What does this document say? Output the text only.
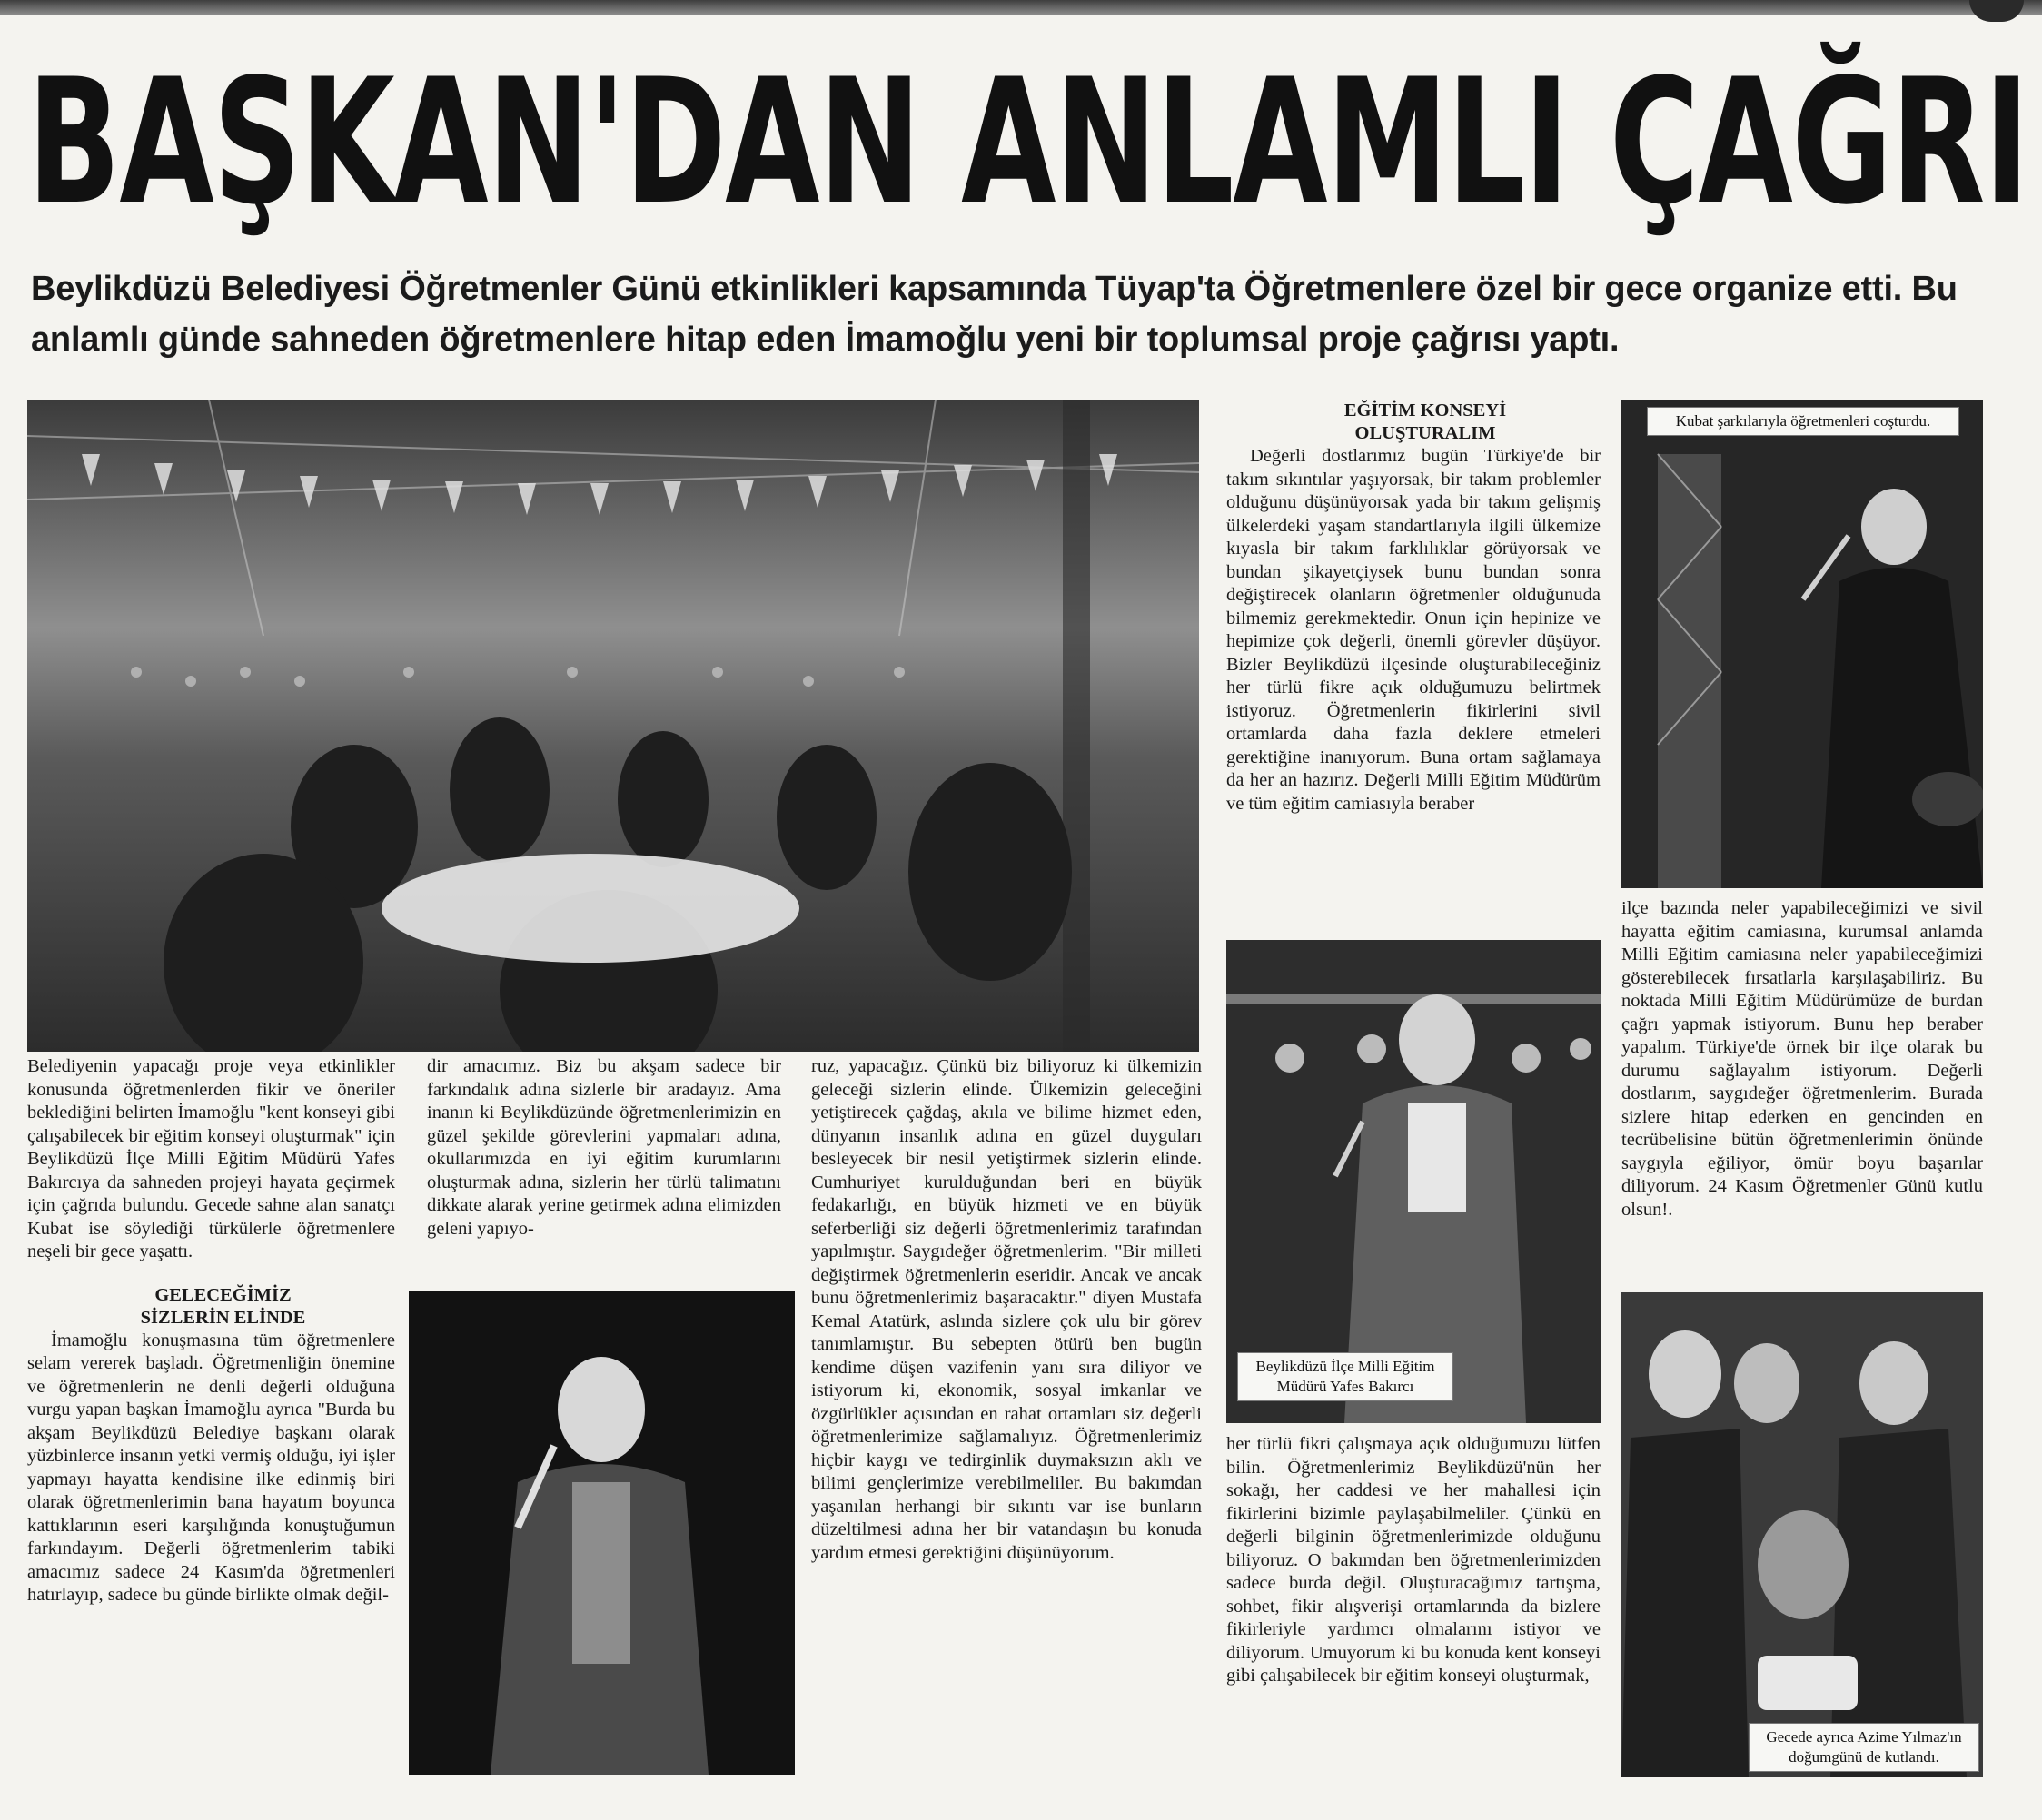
BAŞKAN'DAN ANLAMLI ÇAĞRI

Beylikdüzü Belediyesi Öğretmenler Günü etkinlikleri kapsamında Tüyap'ta Öğretmenlere özel bir gece organize etti. Bu anlamlı günde sahneden öğretmenlere hitap eden İmamoğlu yeni bir toplumsal proje çağrısı yaptı.

Kubat şarkılarıyla öğretmenleri coşturdu.
Beylikdüzü İlçe Milli Eğitim Müdürü Yafes Bakırcı
Gecede ayrıca Azime Yılmaz'ın doğumgünü de kutlandı.

Belediyenin yapacağı proje veya etkinlikler konusunda öğretmenlerden fikir ve öneriler beklediğini belirten İmamoğlu "kent konseyi gibi çalışabilecek bir eğitim konseyi oluşturmak" için Beylikdüzü İlçe Milli Eğitim Müdürü Yafes Bakırcıya da sahneden projeyi hayata geçirmek için çağrıda bulundu. Gecede sahne alan sanatçı Kubat ise söylediği türkülerle öğretmenlere neşeli bir gece yaşattı.

GELECEĞİMİZ

SİZLERİN ELİNDE

İmamoğlu konuşmasına tüm öğretmenlere selam vererek başladı. Öğretmenliğin önemine ve öğretmenlerin ne denli değerli olduğuna vurgu yapan başkan İmamoğlu ayrıca "Burda bu akşam Beylikdüzü Belediye başkanı olarak yüzbinlerce insanın yetki vermiş olduğu, iyi işler yapmayı hayatta kendisine ilke edinmiş biri olarak öğretmenlerimin bana hayatım boyunca kattıklarının eseri karşılığında konuştuğumun farkındayım. Değerli öğretmenlerim tabiki amacımız sadece 24 Kasım'da öğretmenleri hatırlayıp, sadece bu günde birlikte olmak değil-

dir amacımız. Biz bu akşam sadece bir farkındalık adına sizlerle bir aradayız. Ama inanın ki Beylikdüzünde öğretmenlerimizin en güzel şekilde görevlerini yapmaları adına, okullarımızda en iyi eğitim kurumlarını oluşturmak adına, sizlerin her türlü talimatını dikkate alarak yerine getirmek adına elimizden geleni yapıyo-

ruz, yapacağız. Çünkü biz biliyoruz ki ülkemizin geleceği sizlerin elinde. Ülkemizin geleceğini yetiştirecek çağdaş, akıla ve bilime hizmet eden, dünyanın insanlık adına en güzel duyguları besleyecek bir nesil yetiştirmek sizlerin elinde. Cumhuriyet kurulduğundan beri en büyük fedakarlığı, en büyük hizmeti ve en büyük seferberliği siz değerli öğretmenlerimiz tarafından yapılmıştır. Saygıdeğer öğretmenlerim. "Bir milleti değiştirmek öğretmenlerin eseridir. Ancak ve ancak bunu öğretmenlerimiz başaracaktır." diyen Mustafa Kemal Atatürk, aslında sizlere çok ulu bir görev tanımlamıştır. Bu sebepten ötürü ben bugün kendime düşen vazifenin yanı sıra diliyor ve istiyorum ki, ekonomik, sosyal imkanlar ve özgürlükler açısından en rahat ortamları siz değerli öğretmenlerimize sağlamalıyız. Öğretmenlerimiz hiçbir kaygı ve tedirginlik duymaksızın aklı ve bilimi gençlerimize verebilmeliler. Bu bakımdan yaşanılan herhangi bir sıkıntı var ise bunların düzeltilmesi adına her bir vatandaşın bu konuda yardım etmesi gerektiğini düşünüyorum.

EĞİTİM KONSEYİ

OLUŞTURALIM

Değerli dostlarımız bugün Türkiye'de bir takım sıkıntılar yaşıyorsak, bir takım problemler olduğunu düşünüyorsak yada bir takım gelişmiş ülkelerdeki yaşam standartlarıyla ilgili ülkemize kıyasla bir takım farklılıklar görüyorsak ve bundan şikayetçiysek bunu bundan sonra değiştirecek olanların öğretmenler olduğunuda bilmemiz gerekmektedir. Onun için hepinize ve hepimize çok değerli, önemli görevler düşüyor. Bizler Beylikdüzü ilçesinde oluşturabileceğiniz her türlü fikre açık olduğumuzu belirtmek istiyoruz. Öğretmenlerin fikirlerini sivil ortamlarda daha fazla deklere etmeleri gerektiğine inanıyorum. Buna ortam sağlamaya da her an hazırız. Değerli Milli Eğitim Müdürüm ve tüm eğitim camiasıyla beraber

her türlü fikri çalışmaya açık olduğumuzu lütfen bilin. Öğretmenlerimiz Beylikdüzü'nün her sokağı, her caddesi ve her mahallesi için fikirlerini bizimle paylaşabilmeliler. Çünkü en değerli bilginin öğretmenlerimizde olduğunu biliyoruz. O bakımdan ben öğretmenlerimizden sadece burda değil. Oluşturacağımız tartışma, sohbet, fikir alışverişi ortamlarında da bizlere fikirleriyle yardımcı olmalarını istiyor ve diliyorum. Umuyorum ki bu konuda kent konseyi gibi çalışabilecek bir eğitim konseyi oluşturmak,

ilçe bazında neler yapabileceğimizi ve sivil hayatta eğitim camiasına, kurumsal anlamda Milli Eğitim camiasına neler yapabileceğimizi gösterebilecek fırsatlarla karşılaşabiliriz. Bu noktada Milli Eğitim Müdürümüze de burdan çağrı yapmak istiyorum. Bunu hep beraber yapalım. Türkiye'de örnek bir ilçe olarak bu durumu sağlayalım istiyorum. Değerli dostlarım, saygıdeğer öğretmenlerim. Burada sizlere hitap ederken en gencinden en tecrübelisine bütün öğretmenlerimin önünde saygıyla eğiliyor, ömür boyu başarılar diliyorum. 24 Kasım Öğretmenler Günü kutlu olsun!.
